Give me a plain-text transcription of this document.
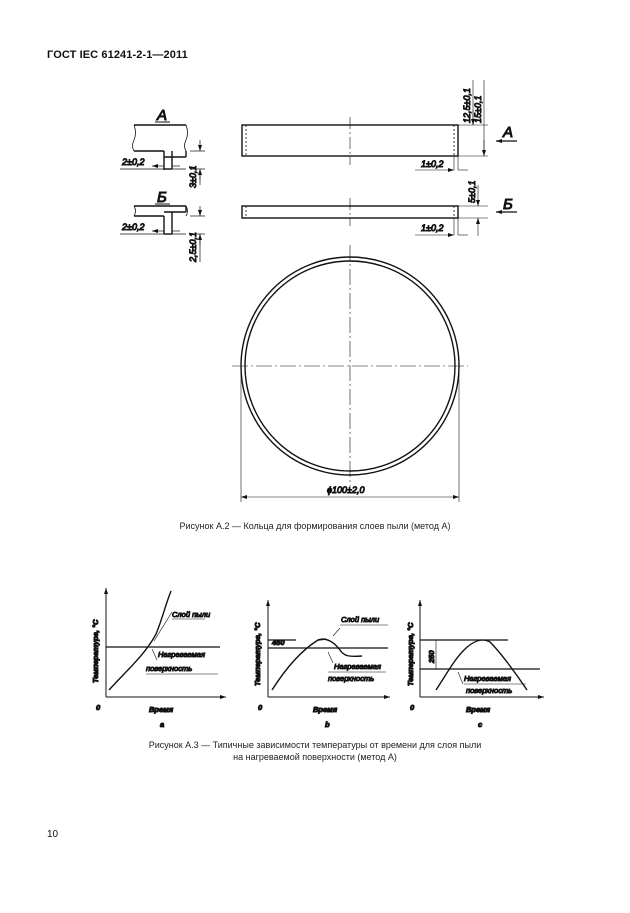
ГОСТ IEC 61241-2-1—2011
А
2±0,2
3±0,1
Б
2±0,2
2,5±0,1
1±0,2
12,5±0,1 15±0,1
А
1±0,2
5±0,1
Б
ϕ100±2,0
Слой пыли
Нагреваемая
поверхность
Температура, °С
0	Время
a
Слой пыли
Нагреваемая
поверхность
Температура, °С 450
0	Время
b
250
Нагреваемая
поверхность
Температура, °С
0	Время
c
Рисунок А.2 — Кольца для формирования слоев пыли (метод А)
Рисунок А.3 — Типичные зависимости температуры от времени для слоя пыли
на нагреваемой поверхности (метод А)
10
